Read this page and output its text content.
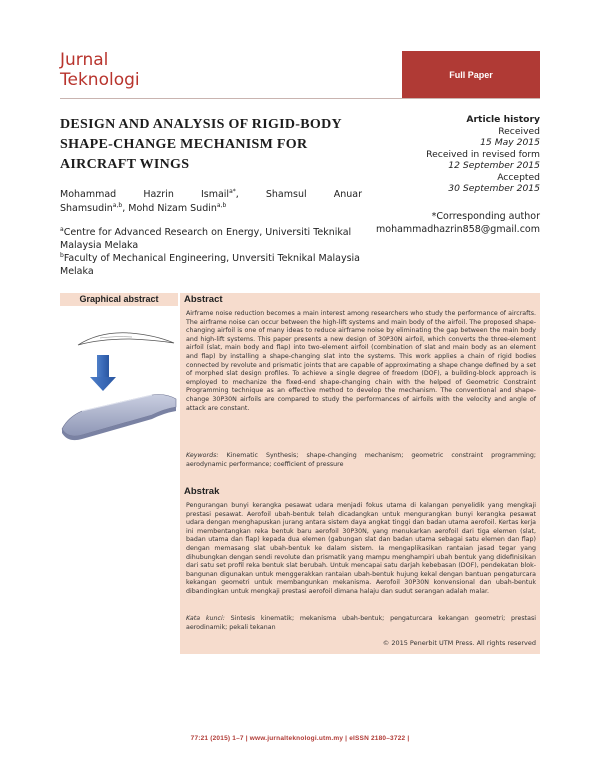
Jurnal
Teknologi	Full Paper
DESIGN AND ANALYSIS OF RIGID-BODY SHAPE-CHANGE MECHANISM FOR AIRCRAFT WINGS
Article history
Received
15 May 2015
Received in revised form
12 September 2015
Accepted
30 September 2015
Mohammad Hazrin Ismail$^{a*}$, Shamsul Anuar
Shamsudin$^{a,b}$, Mohd Nizam Sudin$^{a,b}$
$^a$Centre for Advanced Research on Energy, Universiti Teknikal Malaysia Melaka
$^b$Faculty of Mechanical Engineering, Unversiti Teknikal Malaysia Melaka
*Corresponding author
mohammadhazrin858@gmail.com
Graphical abstract	Abstract
Airframe noise reduction becomes a main interest among researchers who study the performance of aircrafts. The airframe noise can occur between the high-lift systems and main body of the airfoil. The proposed shape-changing airfoil is one of many ideas to reduce airframe noise by eliminating the gap between the main body and high-lift systems. This paper presents a new design of 30P30N airfoil, which converts the three-element airfoil (slat, main body and flap) into two-element airfoil (combination of slat and main body as an element and flap) by installing a shape-changing slat into the systems. This work applies a chain of rigid bodies connected by revolute and prismatic joints that are capable of approximating a shape change defined by a set of morphed slat design profiles. To achieve a single degree of freedom (DOF), a building-block approach is employed to mechanize the fixed-end shape-changing chain with the helped of Geometric Constraint Programming technique as an effective method to develop the mechanism. The conventional and shape-change 30P30N airfoils are compared to study the performances of airfoils with the velocity and angle of attack are constant.
Keywords: Kinematic Synthesis; shape-changing mechanism; geometric constraint programming; aerodynamic performance; coefficient of pressure
Abstrak
Pengurangan bunyi kerangka pesawat udara menjadi fokus utama di kalangan penyelidik yang mengkaji prestasi pesawat. Aerofoil ubah-bentuk telah dicadangkan untuk mengurangkan bunyi kerangka pesawat udara dengan menghapuskan jurang antara sistem daya angkat tinggi dan badan utama aerofoil. Kertas kerja ini membentangkan reka bentuk baru aerofoil 30P30N, yang menukarkan aerofoil dari tiga elemen (slat, badan utama dan flap) kepada dua elemen (gabungan slat dan badan utama sebagai satu elemen dan flap) dengan memasang slat ubah-bentuk ke dalam sistem. Ia mengaplikasikan rantaian jasad tegar yang dihubungkan dengan sendi revolute dan prismatik yang mampu menghampiri ubah bentuk yang didefinisikan dari satu set profil reka bentuk slat berubah. Untuk mencapai satu darjah kebebasan (DOF), pendekatan blok-bangunan digunakan untuk menggerakkan rantaian ubah-bentuk hujung kekal dengan bantuan pengaturcara kekangan geometri untuk membangunkan mekanisma. Aerofoil 30P30N konvensional dan ubah-bentuk dibandingkan untuk mengkaji prestasi aerofoil dimana halaju dan sudut serangan adalah malar.
Kata kunci: Sintesis kinematik; mekanisma ubah-bentuk; pengaturcara kekangan geometri; prestasi aerodinamik; pekali tekanan
© 2015 Penerbit UTM Press. All rights reserved
77:21 (2015) 1–7 | www.jurnalteknologi.utm.my | eISSN 2180–3722 |
